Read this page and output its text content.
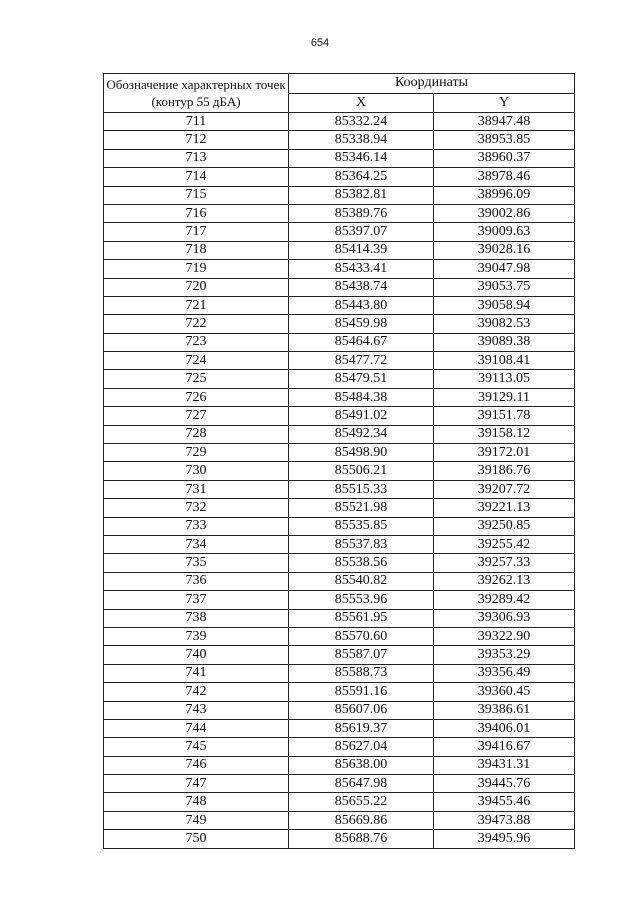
654
Обозначение характерных точек (контур 55 дБА)	Координаты	
	X	Y
711	85332.24	38947.48
712	85338.94	38953.85
713	85346.14	38960.37
714	85364.25	38978.46
715	85382.81	38996.09
716	85389.76	39002.86
717	85397.07	39009.63
718	85414.39	39028.16
719	85433.41	39047.98
720	85438.74	39053.75
721	85443.80	39058.94
722	85459.98	39082.53
723	85464.67	39089.38
724	85477.72	39108.41
725	85479.51	39113.05
726	85484.38	39129.11
727	85491.02	39151.78
728	85492.34	39158.12
729	85498.90	39172.01
730	85506.21	39186.76
731	85515.33	39207.72
732	85521.98	39221.13
733	85535.85	39250.85
734	85537.83	39255.42
735	85538.56	39257.33
736	85540.82	39262.13
737	85553.96	39289.42
738	85561.95	39306.93
739	85570.60	39322.90
740	85587.07	39353.29
741	85588.73	39356.49
742	85591.16	39360.45
743	85607.06	39386.61
744	85619.37	39406.01
745	85627.04	39416.67
746	85638.00	39431.31
747	85647.98	39445.76
748	85655.22	39455.46
749	85669.86	39473.88
750	85688.76	39495.96
